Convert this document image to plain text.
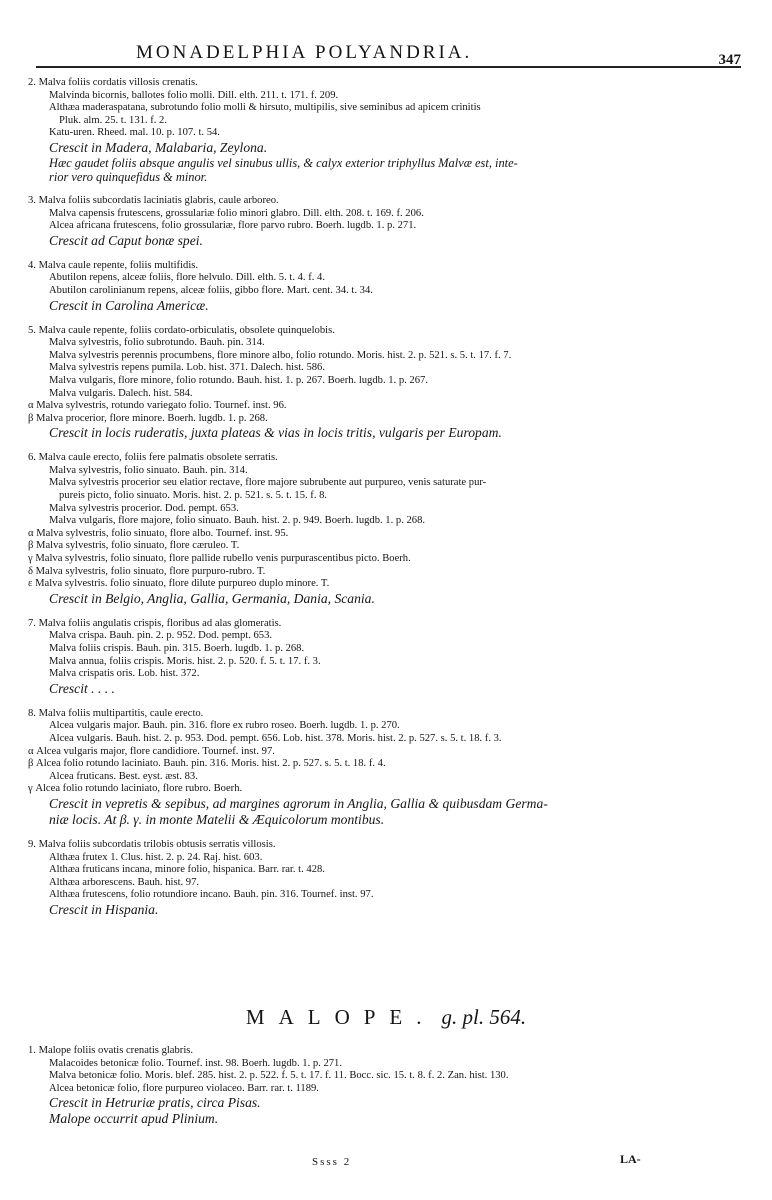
MONADELPHIA POLYANDRIA.	347
2. Malva foliis cordatis villosis crenatis.
Malvinda bicornis, ballotes folio molli. Dill. elth. 211. t. 171. f. 209.
Althæa maderaspatana, subrotundo folio molli & hirsuto, multipilis, sive seminibus ad apicem crinitis
Pluk. alm. 25. t. 131. f. 2.
Katu-uren. Rheed. mal. 10. p. 107. t. 54.
Crescit in Madera, Malabaria, Zeylona.
Hæc gaudet foliis absque angulis vel sinubus ullis, & calyx exterior triphyllus Malvæ est, inte-
rior vero quinquefidus & minor.
3. Malva foliis subcordatis laciniatis glabris, caule arboreo.
Malva capensis frutescens, grossulariæ folio minori glabro. Dill. elth. 208. t. 169. f. 206.
Alcea africana frutescens, folio grossulariæ, flore parvo rubro. Boerh. lugdb. 1. p. 271.
Crescit ad Caput bonæ spei.
4. Malva caule repente, foliis multifidis.
Abutilon repens, alceæ foliis, flore helvulo. Dill. elth. 5. t. 4. f. 4.
Abutilon carolinianum repens, alceæ foliis, gibbo flore. Mart. cent. 34. t. 34.
Crescit in Carolina Americæ.
5. Malva caule repente, foliis cordato-orbiculatis, obsolete quinquelobis.
Malva sylvestris, folio subrotundo. Bauh. pin. 314.
Malva sylvestris perennis procumbens, flore minore albo, folio rotundo. Moris. hist. 2. p. 521. s. 5. t. 17. f. 7.
Malva sylvestris repens pumila. Lob. hist. 371. Dalech. hist. 586.
Malva vulgaris, flore minore, folio rotundo. Bauh. hist. 1. p. 267. Boerh. lugdb. 1. p. 267.
Malva vulgaris. Dalech. hist. 584.
α Malva sylvestris, rotundo variegato folio. Tournef. inst. 96.
β Malva procerior, flore minore. Boerh. lugdb. 1. p. 268.
Crescit in locis ruderatis, juxta plateas & vias in locis tritis, vulgaris per Europam.
6. Malva caule erecto, foliis fere palmatis obsolete serratis.
Malva sylvestris, folio sinuato. Bauh. pin. 314.
Malva sylvestris procerior seu elatior rectave, flore majore subrubente aut purpureo, venis saturate pur-
pureis picto, folio sinuato. Moris. hist. 2. p. 521. s. 5. t. 15. f. 8.
Malva sylvestris procerior. Dod. pempt. 653.
Malva vulgaris, flore majore, folio sinuato. Bauh. hist. 2. p. 949. Boerh. lugdb. 1. p. 268.
α Malva sylvestris, folio sinuato, flore albo. Tournef. inst. 95.
β Malva sylvestris, folio sinuato, flore cæruleo. T.
γ Malva sylvestris, folio sinuato, flore pallide rubello venis purpurascentibus picto. Boerh.
δ Malva sylvestris, folio sinuato, flore purpuro-rubro. T.
ε Malva sylvestris. folio sinuato, flore dilute purpureo duplo minore. T.
Crescit in Belgio, Anglia, Gallia, Germania, Dania, Scania.
7. Malva foliis angulatis crispis, floribus ad alas glomeratis.
Malva crispa. Bauh. pin. 2. p. 952. Dod. pempt. 653.
Malva foliis crispis. Bauh. pin. 315. Boerh. lugdb. 1. p. 268.
Malva annua, foliis crispis. Moris. hist. 2. p. 520. f. 5. t. 17. f. 3.
Malva crispatis oris. Lob. hist. 372.
Crescit . . . .
8. Malva foliis multipartitis, caule erecto.
Alcea vulgaris major. Bauh. pin. 316. flore ex rubro roseo. Boerh. lugdb. 1. p. 270.
Alcea vulgaris. Bauh. hist. 2. p. 953. Dod. pempt. 656. Lob. hist. 378. Moris. hist. 2. p. 527. s. 5. t. 18. f. 3.
α Alcea vulgaris major, flore candidiore. Tournef. inst. 97.
β Alcea folio rotundo laciniato. Bauh. pin. 316. Moris. hist. 2. p. 527. s. 5. t. 18. f. 4.
Alcea fruticans. Best. eyst. æst. 83.
γ Alcea folio rotundo laciniato, flore rubro. Boerh.
Crescit in vepretis & sepibus, ad margines agrorum in Anglia, Gallia & quibusdam Germa-
niæ locis. At β. γ. in monte Matelii & Æquicolorum montibus.
9. Malva foliis subcordatis trilobis obtusis serratis villosis.
Althæa frutex 1. Clus. hist. 2. p. 24. Raj. hist. 603.
Althæa fruticans incana, minore folio, hispanica. Barr. rar. t. 428.
Althæa arborescens. Bauh. hist. 97.
Althæa frutescens, folio rotundiore incano. Bauh. pin. 316. Tournef. inst. 97.
Crescit in Hispania.
MALOPE. g. pl. 564.
1. Malope foliis ovatis crenatis glabris.
Malacoides betonicæ folio. Tournef. inst. 98. Boerh. lugdb. 1. p. 271.
Malva betonicæ folio. Moris. blef. 285. hist. 2. p. 522. f. 5. t. 17. f. 11. Bocc. sic. 15. t. 8. f. 2. Zan. hist. 130.
Alcea betonicæ folio, flore purpureo violaceo. Barr. rar. t. 1189.
Crescit in Hetruriæ pratis, circa Pisas.
Malope occurrit apud Plinium.
Ssss 2	LA-
